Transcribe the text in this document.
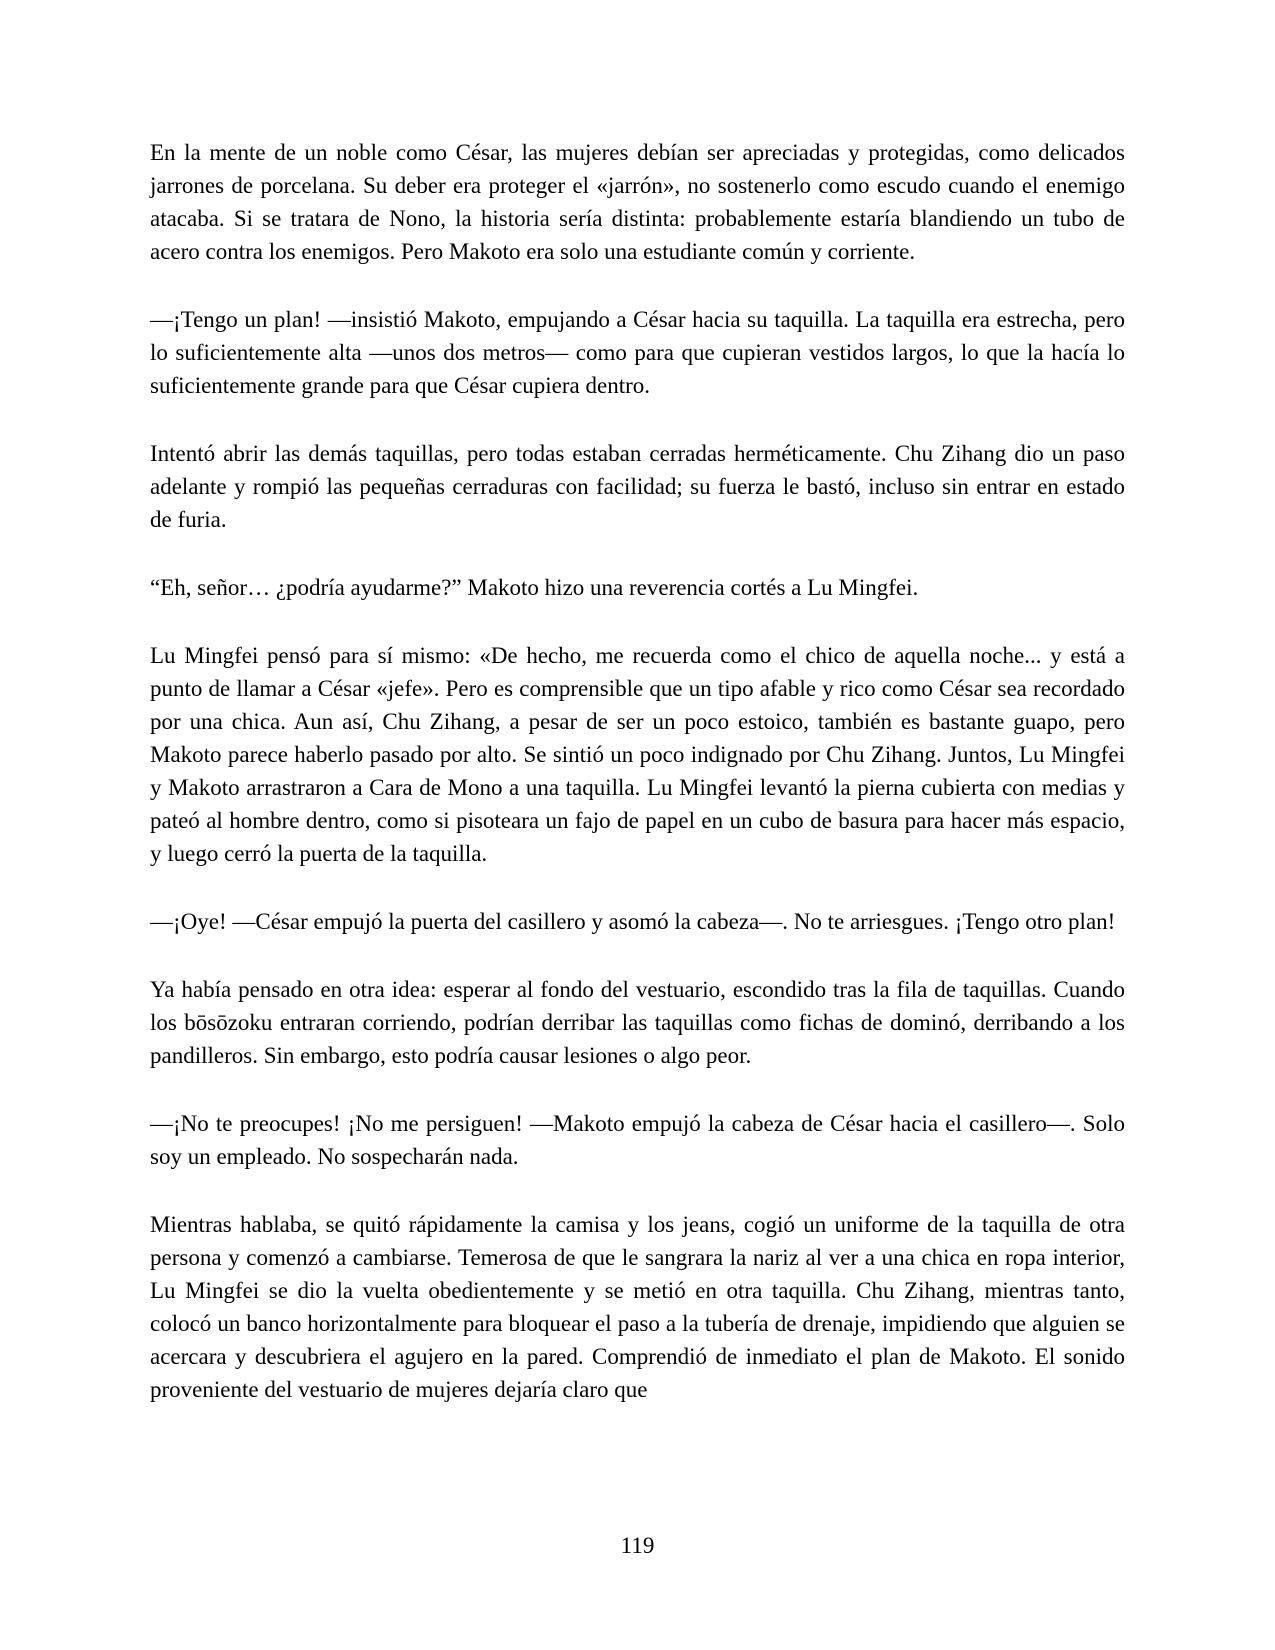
En la mente de un noble como César, las mujeres debían ser apreciadas y protegidas, como delicados jarrones de porcelana. Su deber era proteger el «jarrón», no sostenerlo como escudo cuando el enemigo atacaba. Si se tratara de Nono, la historia sería distinta: probablemente estaría blandiendo un tubo de acero contra los enemigos. Pero Makoto era solo una estudiante común y corriente.

—¡Tengo un plan! —insistió Makoto, empujando a César hacia su taquilla. La taquilla era estrecha, pero lo suficientemente alta —unos dos metros— como para que cupieran vestidos largos, lo que la hacía lo suficientemente grande para que César cupiera dentro.

Intentó abrir las demás taquillas, pero todas estaban cerradas herméticamente. Chu Zihang dio un paso adelante y rompió las pequeñas cerraduras con facilidad; su fuerza le bastó, incluso sin entrar en estado de furia.

“Eh, señor… ¿podría ayudarme?” Makoto hizo una reverencia cortés a Lu Mingfei.

Lu Mingfei pensó para sí mismo: «De hecho, me recuerda como el chico de aquella noche... y está a punto de llamar a César «jefe». Pero es comprensible que un tipo afable y rico como César sea recordado por una chica. Aun así, Chu Zihang, a pesar de ser un poco estoico, también es bastante guapo, pero Makoto parece haberlo pasado por alto. Se sintió un poco indignado por Chu Zihang. Juntos, Lu Mingfei y Makoto arrastraron a Cara de Mono a una taquilla. Lu Mingfei levantó la pierna cubierta con medias y pateó al hombre dentro, como si pisoteara un fajo de papel en un cubo de basura para hacer más espacio, y luego cerró la puerta de la taquilla.

—¡Oye! —César empujó la puerta del casillero y asomó la cabeza—. No te arriesgues. ¡Tengo otro plan!

Ya había pensado en otra idea: esperar al fondo del vestuario, escondido tras la fila de taquillas. Cuando los bōsōzoku entraran corriendo, podrían derribar las taquillas como fichas de dominó, derribando a los pandilleros. Sin embargo, esto podría causar lesiones o algo peor.

—¡No te preocupes! ¡No me persiguen! —Makoto empujó la cabeza de César hacia el casillero—. Solo soy un empleado. No sospecharán nada.

Mientras hablaba, se quitó rápidamente la camisa y los jeans, cogió un uniforme de la taquilla de otra persona y comenzó a cambiarse. Temerosa de que le sangrara la nariz al ver a una chica en ropa interior, Lu Mingfei se dio la vuelta obedientemente y se metió en otra taquilla. Chu Zihang, mientras tanto, colocó un banco horizontalmente para bloquear el paso a la tubería de drenaje, impidiendo que alguien se acercara y descubriera el agujero en la pared. Comprendió de inmediato el plan de Makoto. El sonido proveniente del vestuario de mujeres dejaría claro que

119
